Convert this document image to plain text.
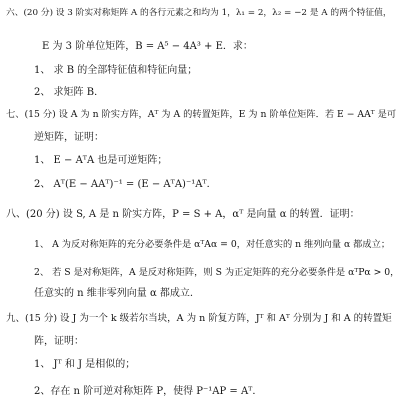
六、(20 分) 设 3 阶实对称矩阵 A 的各行元素之和均为 1，λ₁ = 2，λ₂ = −2 是 A 的两个特征值，
E 为 3 阶单位矩阵，B = A⁵ − 4A³ + E．求：
1、 求 B 的全部特征值和特征向量；
2、 求矩阵 B．
七、(15 分) 设 A 为 n 阶实方阵，Aᵀ 为 A 的转置矩阵，E 为 n 阶单位矩阵．若 E − AAᵀ 是可
逆矩阵，证明：
1、 E − AᵀA 也是可逆矩阵；
2、 Aᵀ(E − AAᵀ)⁻¹ = (E − AᵀA)⁻¹Aᵀ．
八、(20 分) 设 S, A 是 n 阶实方阵，P = S + A，αᵀ 是向量 α 的转置．证明：
1、 A 为反对称矩阵的充分必要条件是 αᵀAα = 0，对任意实的 n 维列向量 α 都成立；
2、 若 S 是对称矩阵，A 是反对称矩阵，则 S 为正定矩阵的充分必要条件是 αᵀPα > 0，
任意实的 n 维非零列向量 α 都成立.
九、(15 分) 设 J 为一个 k 级若尔当块，A 为 n 阶复方阵，Jᵀ 和 Aᵀ 分别为 J 和 A 的转置矩
阵，证明：
1、 Jᵀ 和 J 是相似的；
2、存在 n 阶可逆对称矩阵 P，使得 P⁻¹AP = Aᵀ．
